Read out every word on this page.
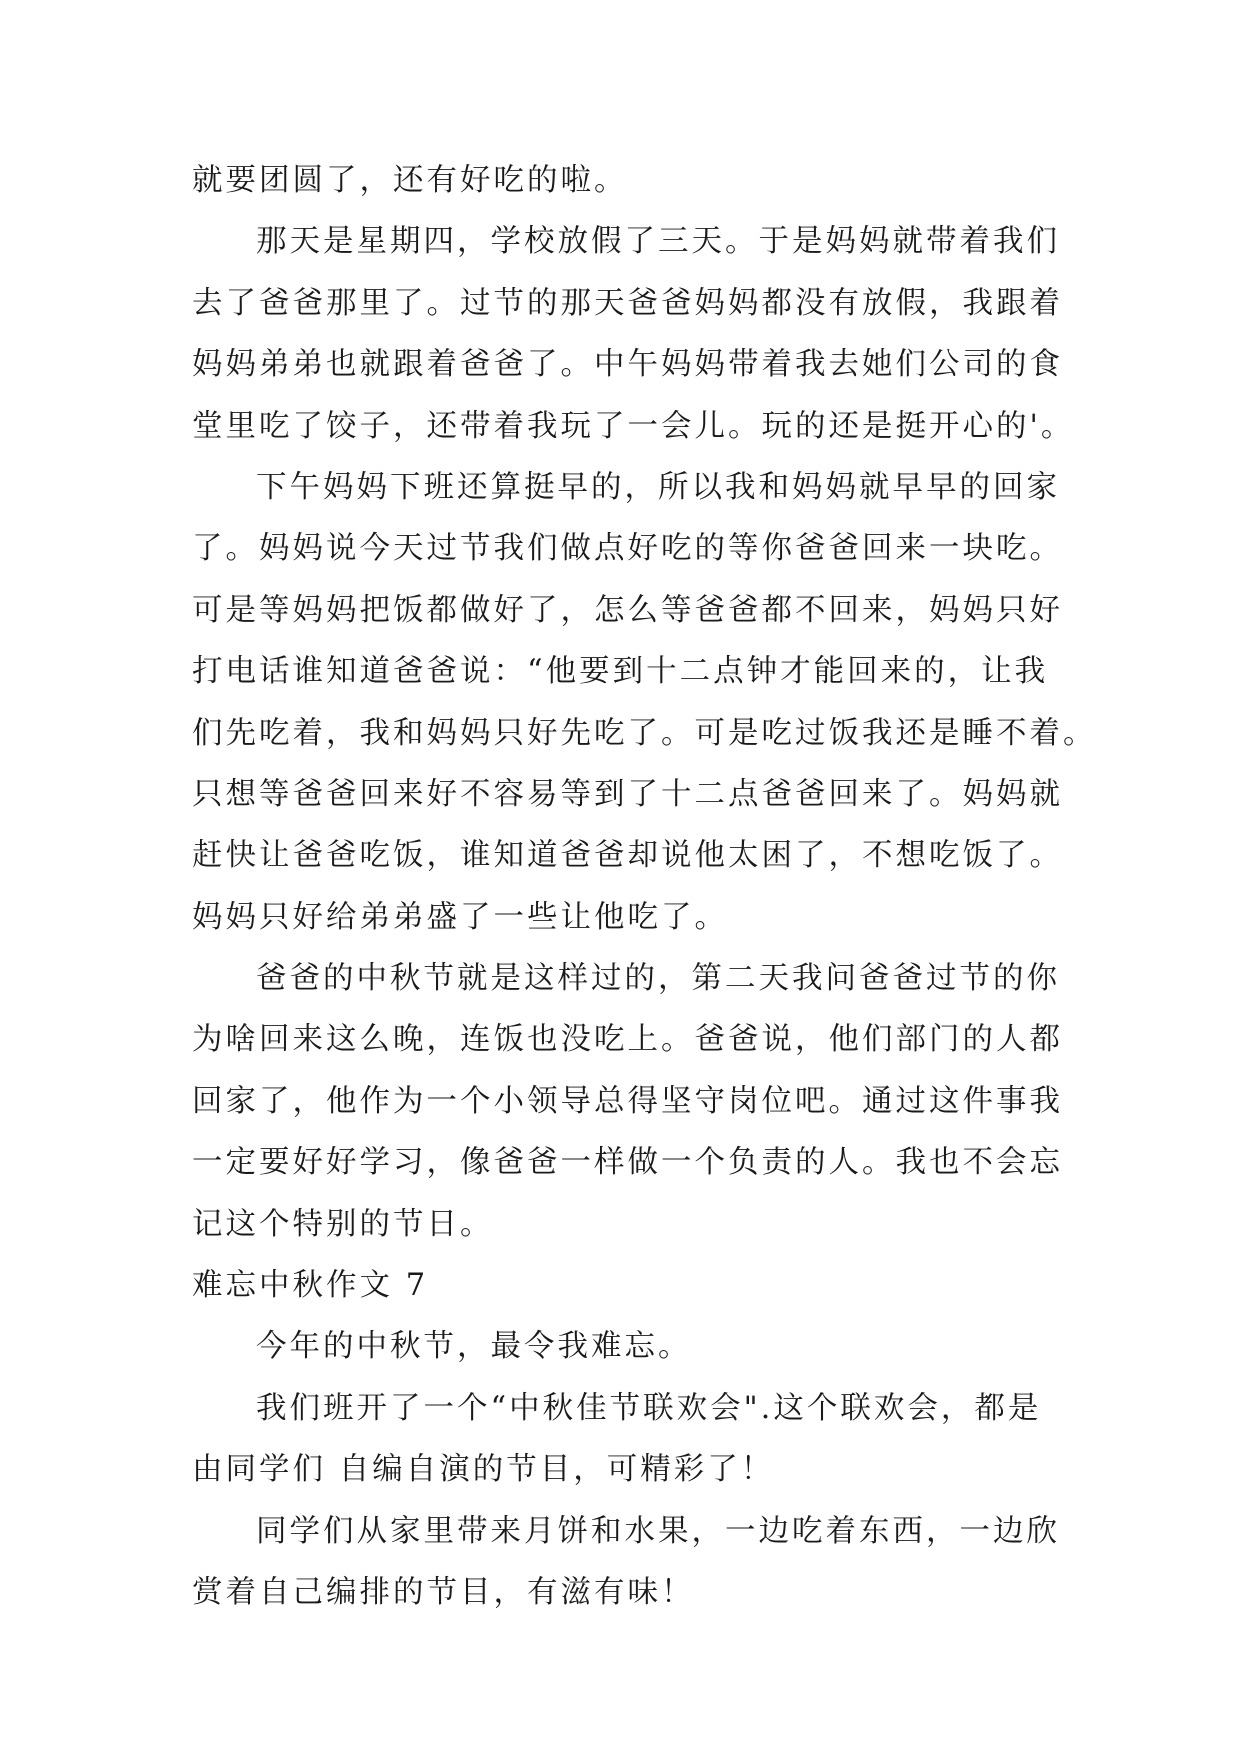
就要团圆了，还有好吃的啦。
那天是星期四，学校放假了三天。于是妈妈就带着我们
去了爸爸那里了。过节的那天爸爸妈妈都没有放假，我跟着
妈妈弟弟也就跟着爸爸了。中午妈妈带着我去她们公司的食
堂里吃了饺子，还带着我玩了一会儿。玩的还是挺开心的'。
下午妈妈下班还算挺早的，所以我和妈妈就早早的回家
了。妈妈说今天过节我们做点好吃的等你爸爸回来一块吃。
可是等妈妈把饭都做好了，怎么等爸爸都不回来，妈妈只好
打电话谁知道爸爸说：“他要到十二点钟才能回来的，让我
们先吃着，我和妈妈只好先吃了。可是吃过饭我还是睡不着。
只想等爸爸回来好不容易等到了十二点爸爸回来了。妈妈就
赶快让爸爸吃饭，谁知道爸爸却说他太困了，不想吃饭了。
妈妈只好给弟弟盛了一些让他吃了。
爸爸的中秋节就是这样过的，第二天我问爸爸过节的你
为啥回来这么晚，连饭也没吃上。爸爸说，他们部门的人都
回家了，他作为一个小领导总得坚守岗位吧。通过这件事我
一定要好好学习，像爸爸一样做一个负责的人。我也不会忘
记这个特别的节日。
难忘中秋作文 7
今年的中秋节，最令我难忘。
我们班开了一个“中秋佳节联欢会".这个联欢会，都是
由同学们 自编自演的节目，可精彩了！
同学们从家里带来月饼和水果，一边吃着东西，一边欣
赏着自己编排的节目，有滋有味！
